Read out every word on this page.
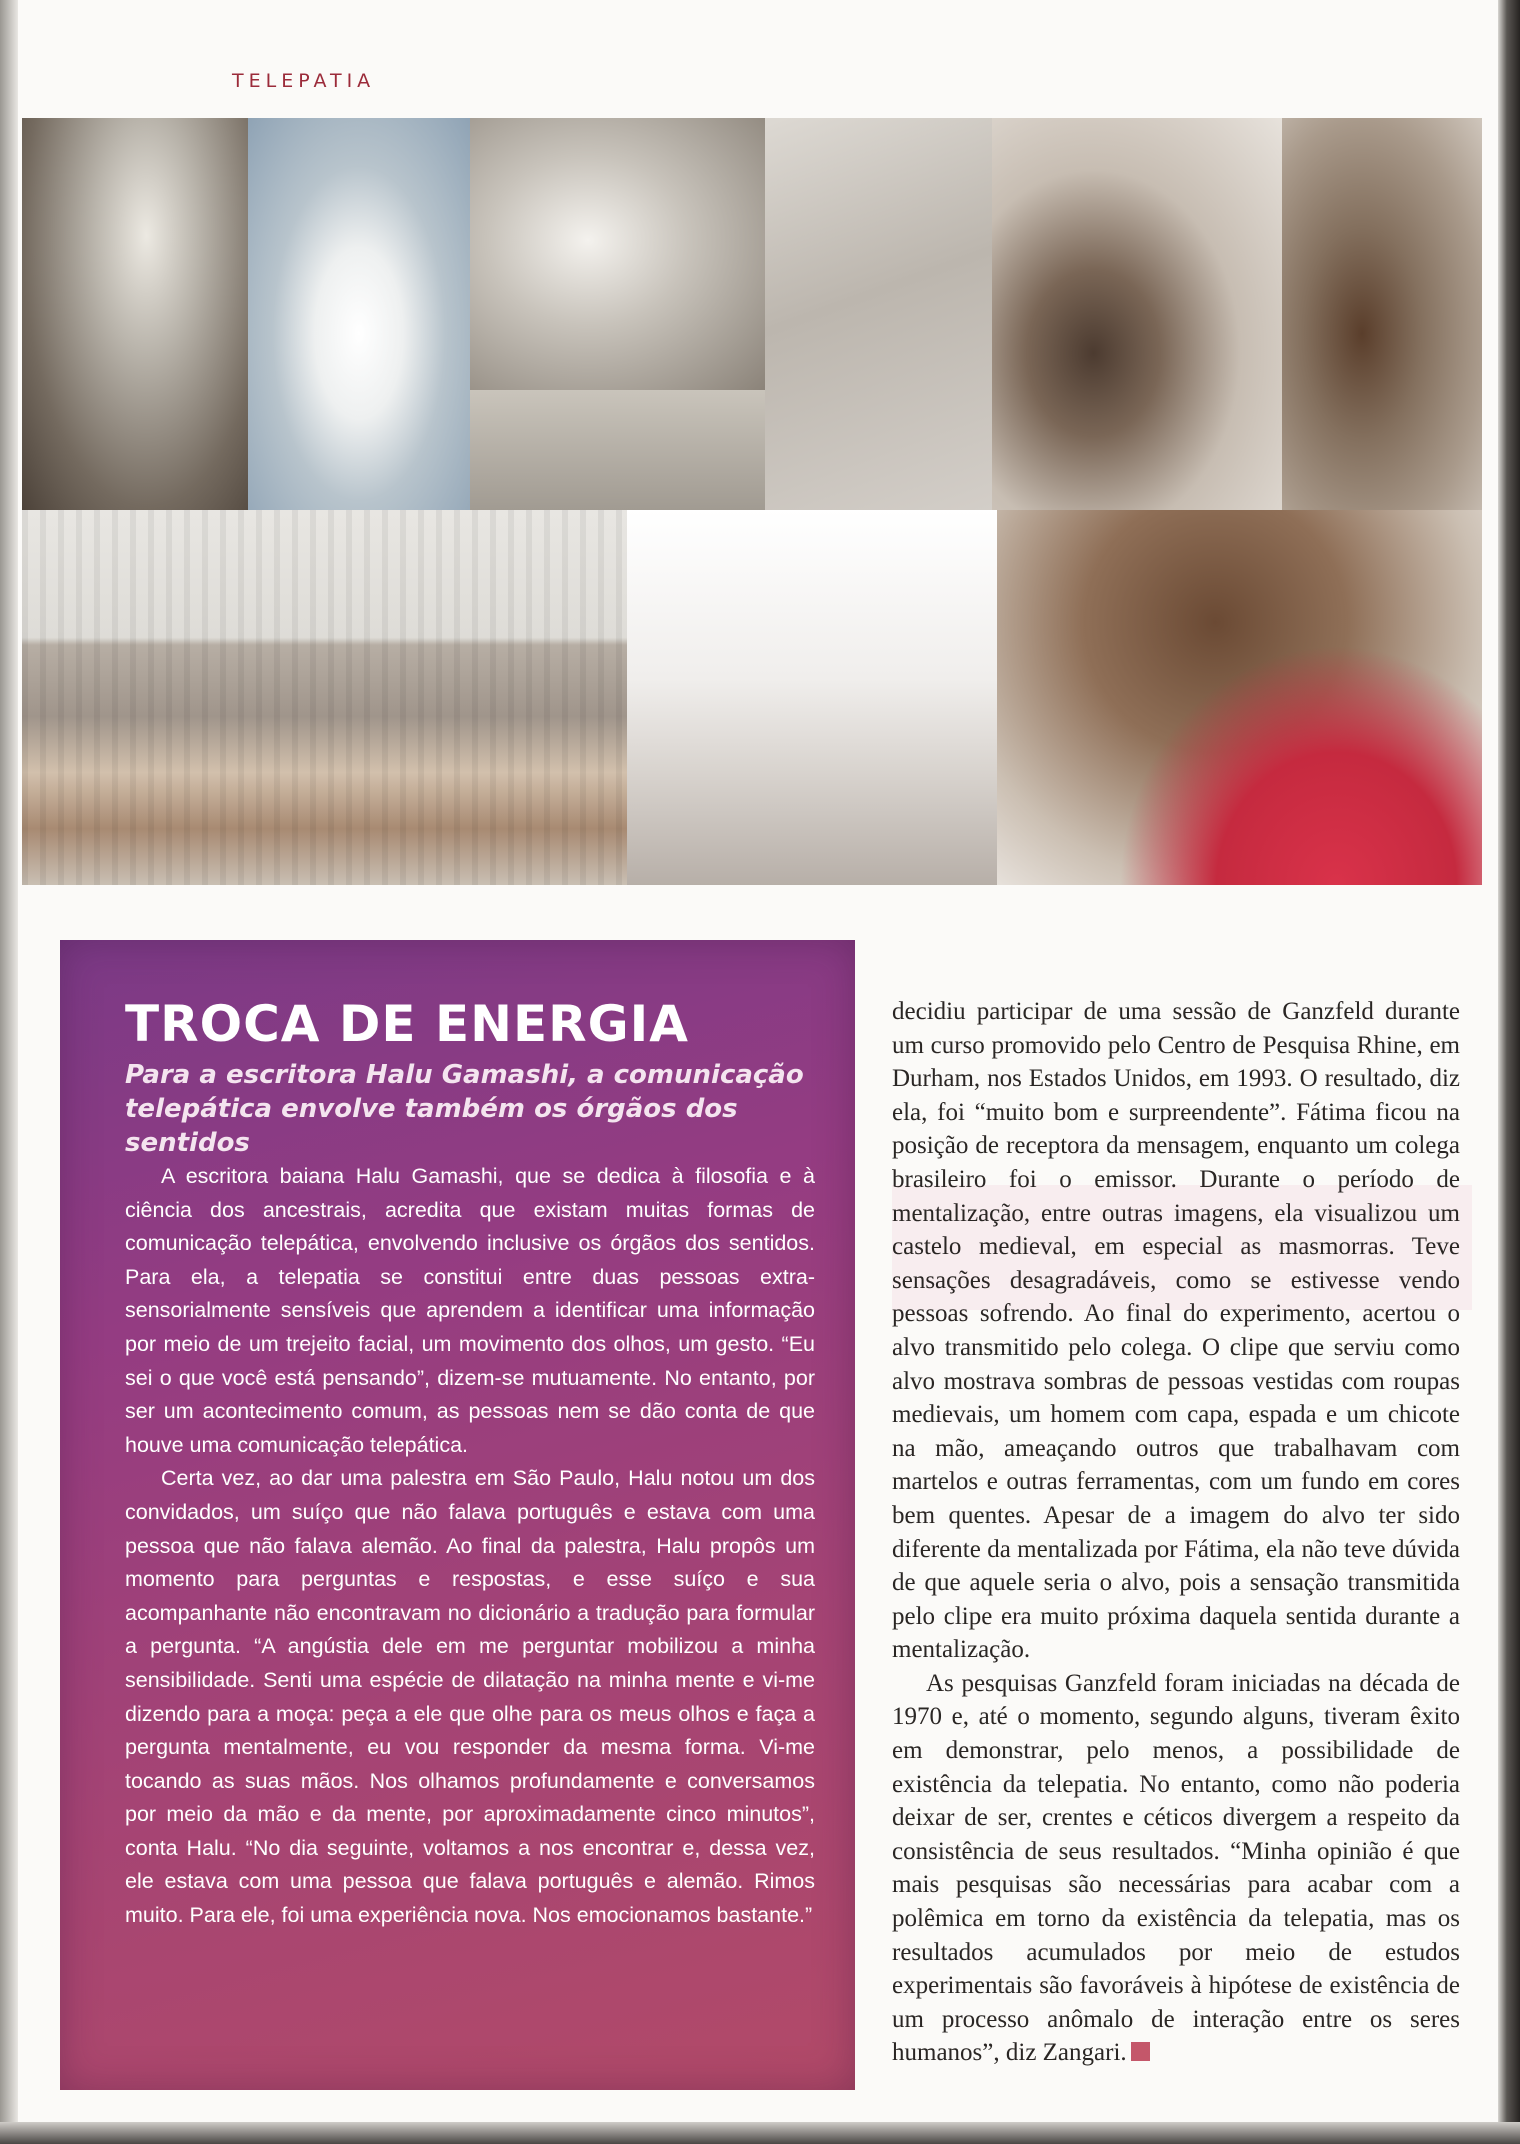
TELEPATIA
TROCA DE ENERGIA
Para a escritora Halu Gamashi, a comunicação telepática envolve também os órgãos dos sentidos

A escritora baiana Halu Gamashi, que se dedica à filosofia e à ciência dos ancestrais, acredita que existam muitas formas de comunicação telepática, envolvendo inclusive os órgãos dos sentidos. Para ela, a telepatia se constitui entre duas pessoas extra-sensorialmente sensíveis que aprendem a identificar uma informação por meio de um trejeito facial, um movimento dos olhos, um gesto. “Eu sei o que você está pensando”, dizem-se mutuamente. No entanto, por ser um acontecimento comum, as pessoas nem se dão conta de que houve uma comunicação telepática.

Certa vez, ao dar uma palestra em São Paulo, Halu notou um dos convidados, um suíço que não falava português e estava com uma pessoa que não falava alemão. Ao final da palestra, Halu propôs um momento para perguntas e respostas, e esse suíço e sua acompanhante não encontravam no dicionário a tradução para formular a pergunta. “A angústia dele em me perguntar mobilizou a minha sensibilidade. Senti uma espécie de dilatação na minha mente e vi-me dizendo para a moça: peça a ele que olhe para os meus olhos e faça a pergunta mentalmente, eu vou responder da mesma forma. Vi-me tocando as suas mãos. Nos olhamos profundamente e conversamos por meio da mão e da mente, por aproximadamente cinco minutos”, conta Halu. “No dia seguinte, voltamos a nos encontrar e, dessa vez, ele estava com uma pessoa que falava português e alemão. Rimos muito. Para ele, foi uma experiência nova. Nos emocionamos bastante.”

decidiu participar de uma sessão de Ganzfeld durante um curso promovido pelo Centro de Pesquisa Rhine, em Durham, nos Estados Unidos, em 1993. O resultado, diz ela, foi “muito bom e surpreendente”. Fátima ficou na posição de receptora da mensagem, enquanto um colega brasileiro foi o emissor. Durante o período de mentalização, entre outras imagens, ela visualizou um castelo medieval, em especial as masmorras. Teve sensações desagradáveis, como se estivesse vendo pessoas sofrendo. Ao final do experimento, acertou o alvo transmitido pelo colega. O clipe que serviu como alvo mostrava sombras de pessoas vestidas com roupas medievais, um homem com capa, espada e um chicote na mão, ameaçando outros que trabalhavam com martelos e outras ferramentas, com um fundo em cores bem quentes. Apesar de a imagem do alvo ter sido diferente da mentalizada por Fátima, ela não teve dúvida de que aquele seria o alvo, pois a sensação transmitida pelo clipe era muito próxima daquela sentida durante a mentalização.

As pesquisas Ganzfeld foram iniciadas na década de 1970 e, até o momento, segundo alguns, tiveram êxito em demonstrar, pelo menos, a possibilidade de existência da telepatia. No entanto, como não poderia deixar de ser, crentes e céticos divergem a respeito da consistência de seus resultados. “Minha opinião é que mais pesquisas são necessárias para acabar com a polêmica em torno da existência da telepatia, mas os resultados acumulados por meio de estudos experimentais são favoráveis à hipótese de existência de um processo anômalo de interação entre os seres humanos”, diz Zangari.
